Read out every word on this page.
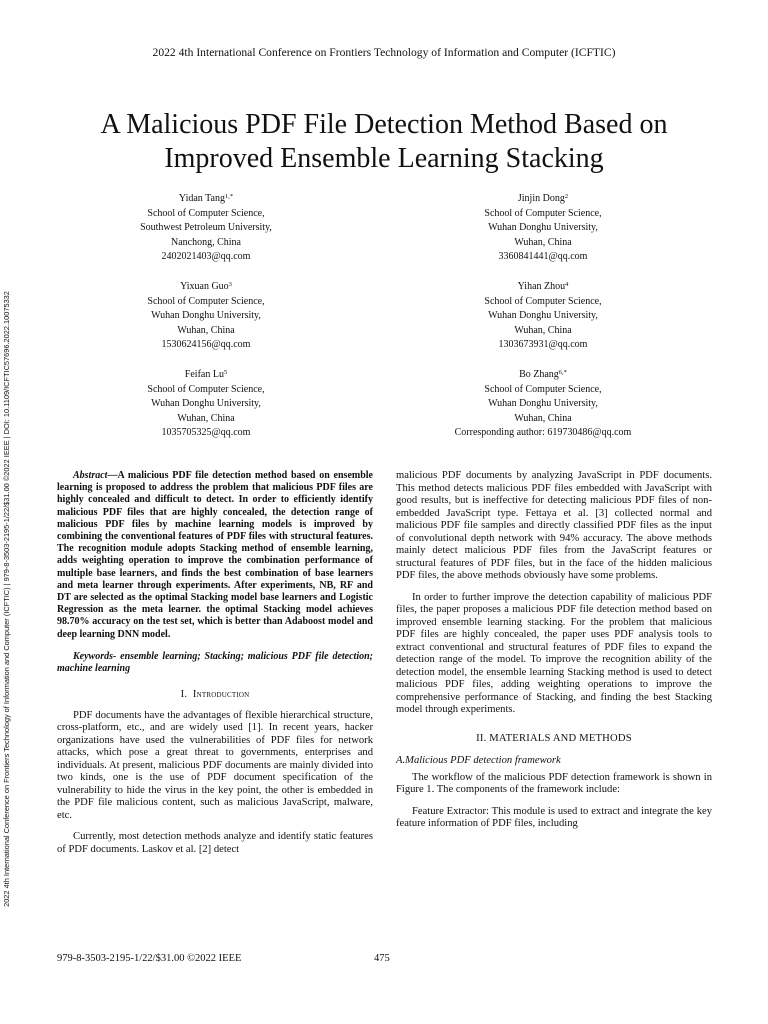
2022 4th International Conference on Frontiers Technology of Information and Computer (ICFTIC)
A Malicious PDF File Detection Method Based on
Improved Ensemble Learning Stacking
Yidan Tang$^{1,*}$
School of Computer Science,
Southwest Petroleum University,
Nanchong, China
2402021403@qq.com
Jinjin Dong$^2$
School of Computer Science,
Wuhan Donghu University,
Wuhan, China
3360841441@qq.com
Yixuan Guo$^3$
School of Computer Science,
Wuhan Donghu University,
Wuhan, China
1530624156@qq.com
Yihan Zhou$^4$
School of Computer Science,
Wuhan Donghu University,
Wuhan, China
1303673931@qq.com
Feifan Lu$^5$
School of Computer Science,
Wuhan Donghu University,
Wuhan, China
1035705325@qq.com
Bo Zhang$^{6,*}$
School of Computer Science,
Wuhan Donghu University,
Wuhan, China
Corresponding author: 619730486@qq.com
2022 4th International Conference on Frontiers Technology of Information and Computer (ICFTIC) | 979-8-3503-2195-1/22/$31.00 ©2022 IEEE | DOI: 10.1109/ICFTIC57696.2022.10075332	Abstract—A malicious PDF file detection method based on ensemble learning is proposed to address the problem that malicious PDF files are highly concealed and difficult to detect. In order to efficiently identify malicious PDF files that are highly concealed, the detection range of malicious PDF files by machine learning models is improved by combining the conventional features of PDF files with structural features. The recognition module adopts Stacking method of ensemble learning, adds weighting operation to improve the combination performance of multiple base learners, and finds the best combination of base learners and meta learner through experiments. After experiments, NB, RF and DT are selected as the optimal Stacking model base learners and Logistic Regression as the meta learner. the optimal Stacking model achieves 98.70% accuracy on the test set, which is better than Adaboost model and deep learning DNN model.

Keywords- ensemble learning; Stacking; malicious PDF file detection; machine learning

I. Introduction

PDF documents have the advantages of flexible hierarchical structure, cross-platform, etc., and are widely used [1]. In recent years, hacker organizations have used the vulnerabilities of PDF files for network attacks, which pose a great threat to governments, enterprises and individuals. At present, malicious PDF documents are mainly divided into two kinds, one is the use of PDF document specification of the vulnerability to hide the virus in the key point, the other is embedded in the PDF file malicious content, such as malicious JavaScript, malware, etc.

Currently, most detection methods analyze and identify static features of PDF documents. Laskov et al. [2] detect

malicious PDF documents by analyzing JavaScript in PDF documents. This method detects malicious PDF files embedded with JavaScript with good results, but is ineffective for detecting malicious PDF files of non-embedded JavaScript type. Fettaya et al. [3] collected normal and malicious PDF file samples and directly classified PDF files as the input of convolutional depth network with 94% accuracy. The above methods mainly detect malicious PDF files from the JavaScript features or structural features of PDF files, but in the face of the hidden malicious PDF files, the above methods obviously have some problems.

In order to further improve the detection capability of malicious PDF files, the paper proposes a malicious PDF file detection method based on improved ensemble learning stacking. For the problem that malicious PDF files are highly concealed, the paper uses PDF analysis tools to extract conventional and structural features of PDF files to expand the detection range of the model. To improve the recognition ability of the detection model, the ensemble learning Stacking method is used to detect malicious PDF files, adding weighting operations to improve the comprehensive performance of Stacking, and finding the best Stacking model through experiments.

II. MATERIALS AND METHODS
A.Malicious PDF detection framework

The workflow of the malicious PDF detection framework is shown in Figure 1. The components of the framework include:

Feature Extractor: This module is used to extract and integrate the key feature information of PDF files, including

979-8-3503-2195-1/22/$31.00 ©2022 IEEE	475
